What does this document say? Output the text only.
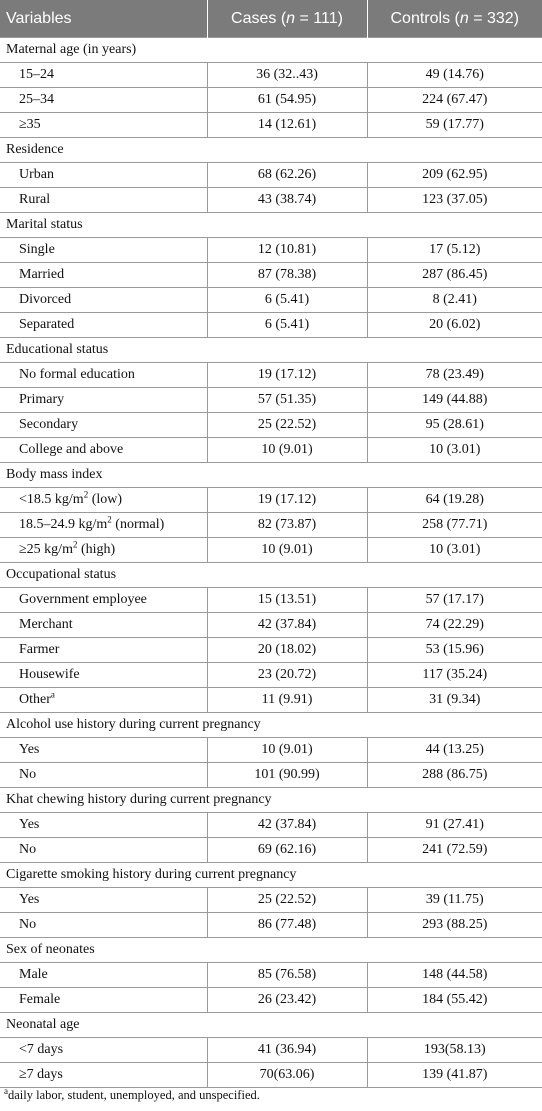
Variables	Cases (n = 111)	Controls (n = 332)
Maternal age (in years)		
15–24	36 (32..43)	49 (14.76)
25–34	61 (54.95)	224 (67.47)
≥35	14 (12.61)	59 (17.77)
Residence		
Urban	68 (62.26)	209 (62.95)
Rural	43 (38.74)	123 (37.05)
Marital status		
Single	12 (10.81)	17 (5.12)
Married	87 (78.38)	287 (86.45)
Divorced	6 (5.41)	8 (2.41)
Separated	6 (5.41)	20 (6.02)
Educational status		
No formal education	19 (17.12)	78 (23.49)
Primary	57 (51.35)	149 (44.88)
Secondary	25 (22.52)	95 (28.61)
College and above	10 (9.01)	10 (3.01)
Body mass index		
<18.5 $kg/m^2$ (low)	19 (17.12)	64 (19.28)
18.5–24.9 $kg/m^2$ (normal)	82 (73.87)	258 (77.71)
≥25 $kg/m^2$ (high)	10 (9.01)	10 (3.01)
Occupational status		
Government employee	15 (13.51)	57 (17.17)
Merchant	42 (37.84)	74 (22.29)
Farmer	20 (18.02)	53 (15.96)
Housewife	23 (20.72)	117 (35.24)
Other$^a$	11 (9.91)	31 (9.34)
Alcohol use history during current pregnancy		
Yes	10 (9.01)	44 (13.25)
No	101 (90.99)	288 (86.75)
Khat chewing history during current pregnancy		
Yes	42 (37.84)	91 (27.41)
No	69 (62.16)	241 (72.59)
Cigarette smoking history during current pregnancy		
Yes	25 (22.52)	39 (11.75)
No	86 (77.48)	293 (88.25)
Sex of neonates		
Male	85 (76.58)	148 (44.58)
Female	26 (23.42)	184 (55.42)
Neonatal age		
<7 days	41 (36.94)	193(58.13)
≥7 days	70(63.06)	139 (41.87)
$^a$daily labor, student, unemployed, and unspecified.
